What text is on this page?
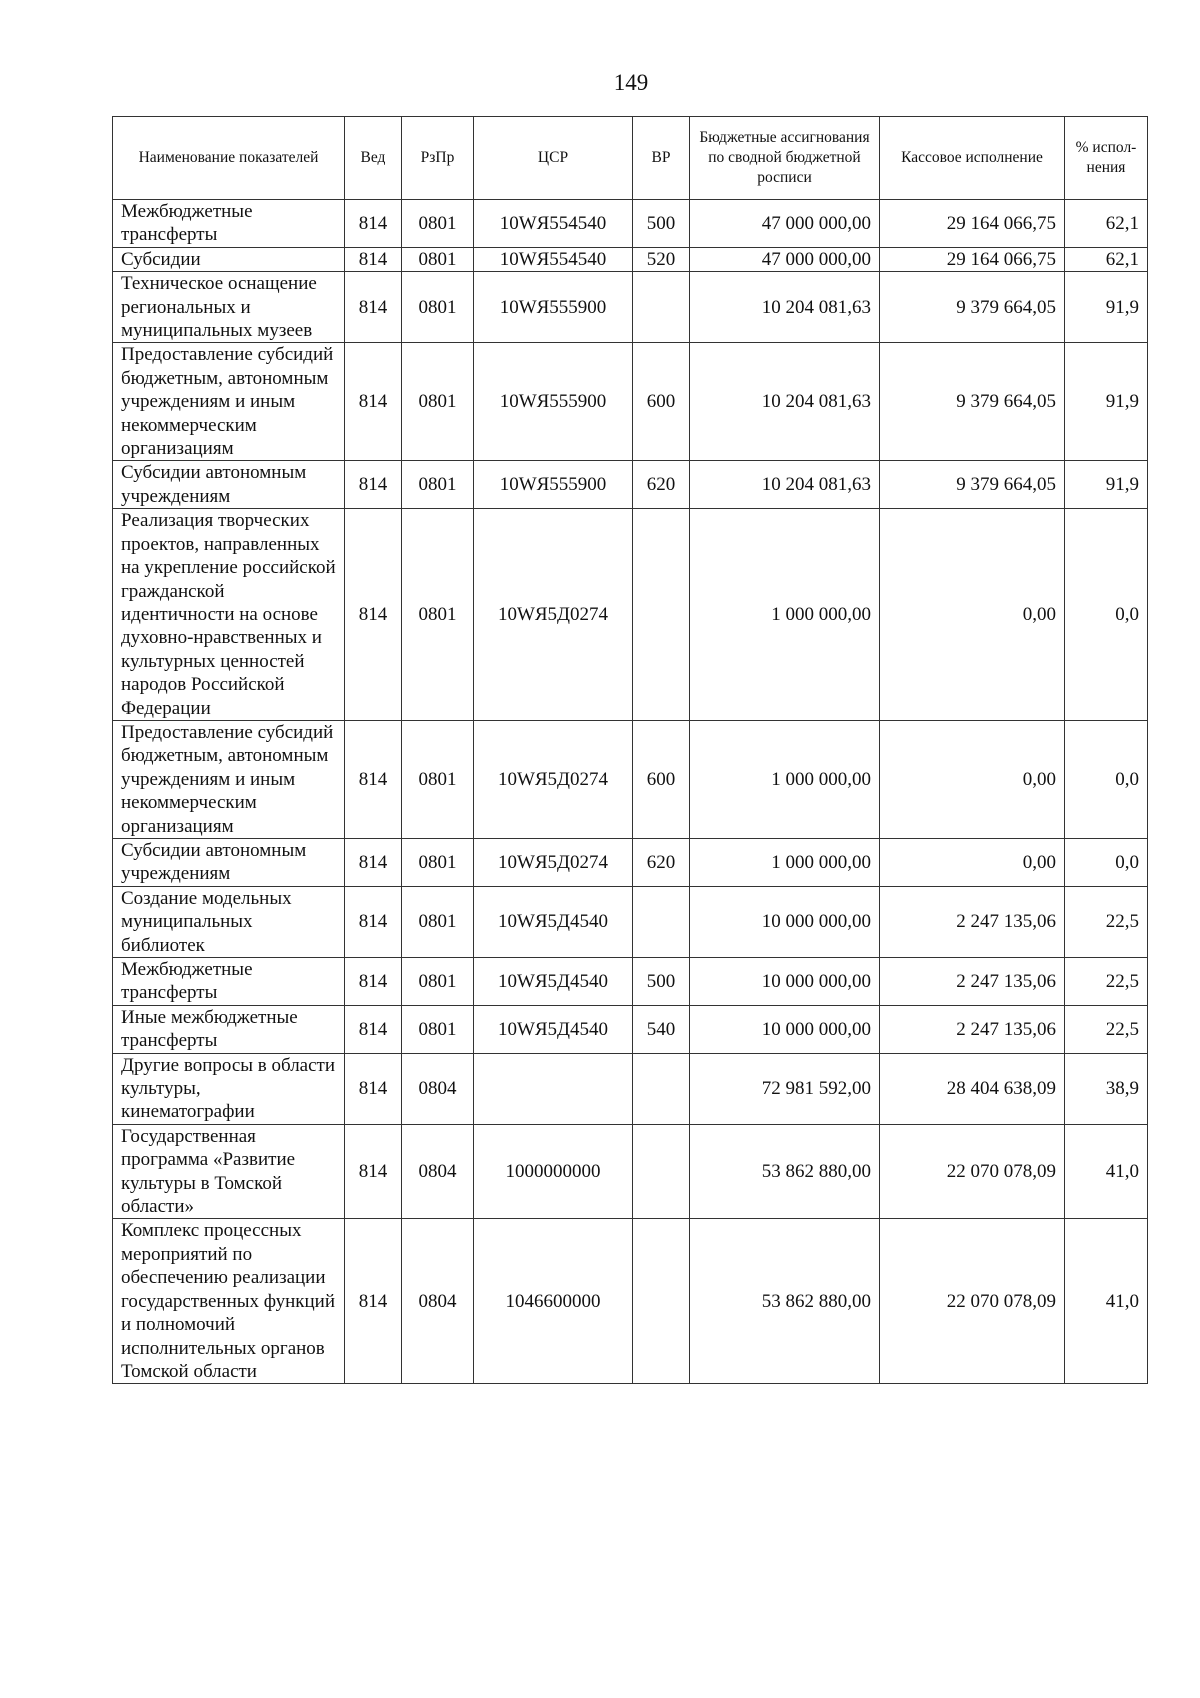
149
Наименование показателей	Вед	РзПр	ЦСР	ВР	Бюджетные ассигнования по сводной бюджетной росписи	Кассовое исполнение	% испол-нения
Межбюджетные трансферты	814	0801	10WЯ554540	500	47 000 000,00	29 164 066,75	62,1
Субсидии	814	0801	10WЯ554540	520	47 000 000,00	29 164 066,75	62,1
Техническое оснащение региональных и муниципальных музеев	814	0801	10WЯ555900		10 204 081,63	9 379 664,05	91,9
Предоставление субсидий бюджетным, автономным учреждениям и иным некоммерческим организациям	814	0801	10WЯ555900	600	10 204 081,63	9 379 664,05	91,9
Субсидии автономным учреждениям	814	0801	10WЯ555900	620	10 204 081,63	9 379 664,05	91,9
Реализация творческих проектов, направленных на укрепление российской гражданской идентичности на основе духовно-нравственных и культурных ценностей народов Российской Федерации	814	0801	10WЯ5Д0274		1 000 000,00	0,00	0,0
Предоставление субсидий бюджетным, автономным учреждениям и иным некоммерческим организациям	814	0801	10WЯ5Д0274	600	1 000 000,00	0,00	0,0
Субсидии автономным учреждениям	814	0801	10WЯ5Д0274	620	1 000 000,00	0,00	0,0
Создание модельных муниципальных библиотек	814	0801	10WЯ5Д4540		10 000 000,00	2 247 135,06	22,5
Межбюджетные трансферты	814	0801	10WЯ5Д4540	500	10 000 000,00	2 247 135,06	22,5
Иные межбюджетные трансферты	814	0801	10WЯ5Д4540	540	10 000 000,00	2 247 135,06	22,5
Другие вопросы в области культуры, кинематографии	814	0804			72 981 592,00	28 404 638,09	38,9
Государственная программа «Развитие культуры в Томской области»	814	0804	1000000000		53 862 880,00	22 070 078,09	41,0
Комплекс процессных мероприятий по обеспечению реализации государственных функций и полномочий исполнительных органов Томской области	814	0804	1046600000		53 862 880,00	22 070 078,09	41,0
